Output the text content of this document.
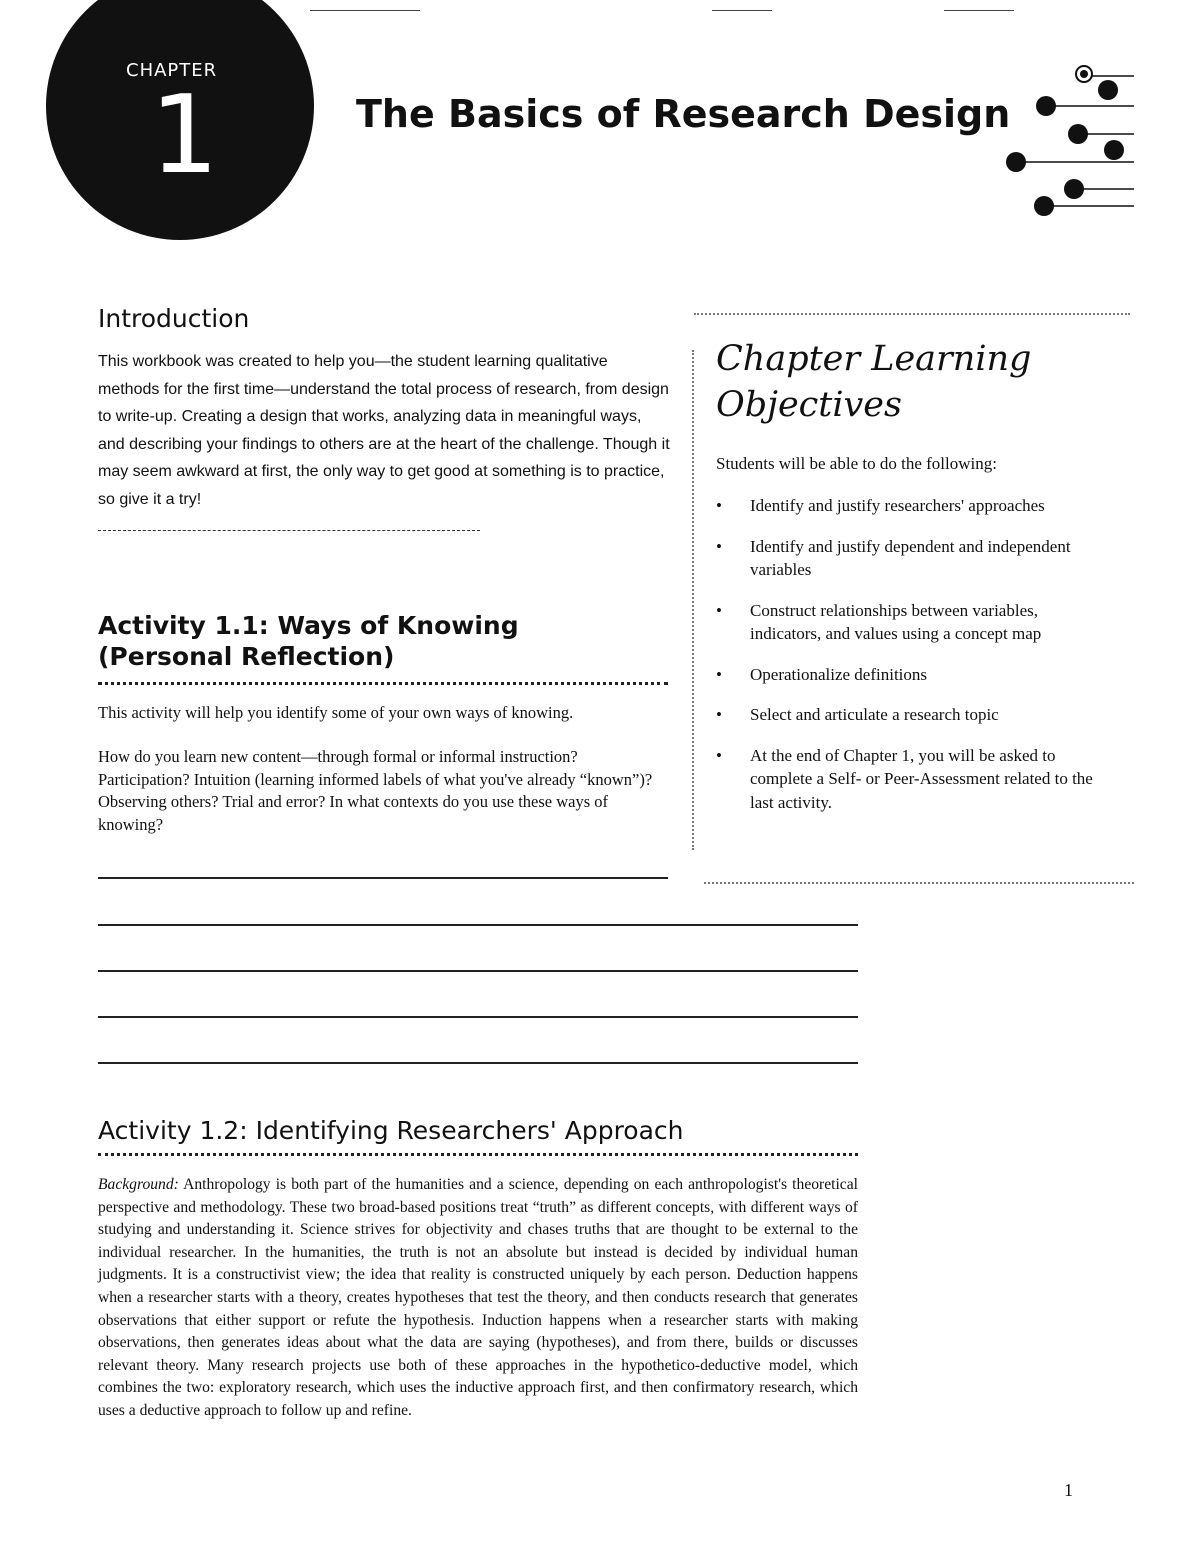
CHAPTER
1	The Basics of Research Design
Introduction
This workbook was created to help you—the student learning qualitative methods for the first time—understand the total process of research, from design to write-up. Creating a design that works, analyzing data in meaningful ways, and describing your findings to others are at the heart of the challenge. Though it may seem awkward at first, the only way to get good at something is to practice, so give it a try!
Activity 1.1: Ways of Knowing
(Personal Reflection)
This activity will help you identify some of your own ways of knowing.
How do you learn new content—through formal or informal instruction? Participation? Intuition (learning informed labels of what you've already “known”)? Observing others? Trial and error? In what contexts do you use these ways of knowing?
Chapter Learning
Objectives
Students will be able to do the following:
• Identify and justify researchers' approaches
• Identify and justify dependent and independent variables
• Construct relationships between variables, indicators, and values using a concept map
• Operationalize definitions
• Select and articulate a research topic
• At the end of Chapter 1, you will be asked to complete a Self- or Peer-Assessment related to the last activity.
Activity 1.2: Identifying Researchers' Approach
Background: Anthropology is both part of the humanities and a science, depending on each anthropologist's theoretical perspective and methodology. These two broad-based positions treat “truth” as different concepts, with different ways of studying and understanding it. Science strives for objectivity and chases truths that are thought to be external to the individual researcher. In the humanities, the truth is not an absolute but instead is decided by individual human judgments. It is a constructivist view; the idea that reality is constructed uniquely by each person. Deduction happens when a researcher starts with a theory, creates hypotheses that test the theory, and then conducts research that generates observations that either support or refute the hypothesis. Induction happens when a researcher starts with making observations, then generates ideas about what the data are saying (hypotheses), and from there, builds or discusses relevant theory. Many research projects use both of these approaches in the hypothetico-deductive model, which combines the two: exploratory research, which uses the inductive approach first, and then confirmatory research, which uses a deductive approach to follow up and refine.
1
